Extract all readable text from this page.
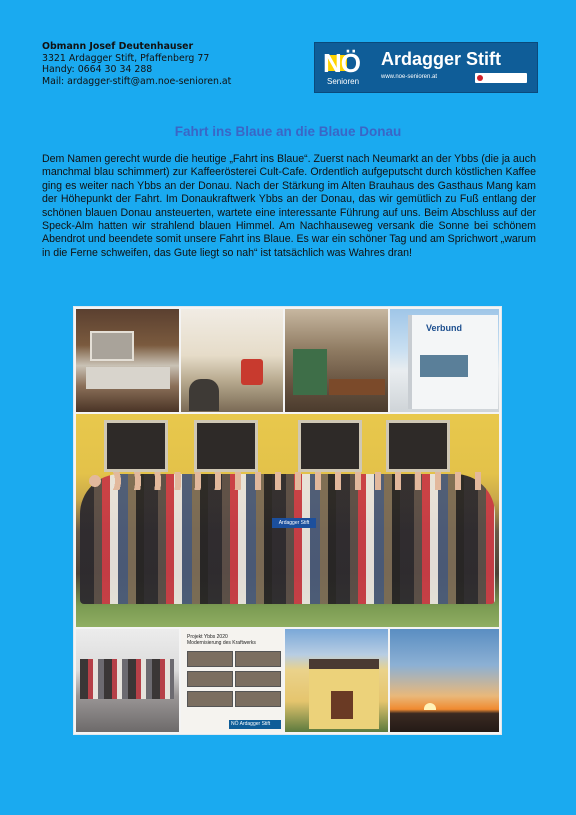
Obmann Josef Deutenhauser
3321 Ardagger Stift, Pfaffenberg 77
Handy: 0664 30 34 288
Mail: ardagger-stift@am.noe-senioren.at
NÖ
Senioren
Ardagger Stift
www.noe-senioren.at
Fahrt ins Blaue an die Blaue Donau
Dem Namen gerecht wurde die heutige „Fahrt ins Blaue“. Zuerst nach Neumarkt an der Ybbs (die ja auch manchmal blau schimmert) zur Kaffeerösterei Cult-Cafe. Ordentlich aufgeputscht durch köstlichen Kaffee ging es weiter nach Ybbs an der Donau. Nach der Stärkung im Alten Brauhaus des Gasthaus Mang kam der Höhepunkt der Fahrt. Im Donaukraftwerk Ybbs an der Donau, das wir gemütlich zu Fuß entlang der schönen blauen Donau ansteuerten, wartete eine interessante Führung auf uns. Beim Abschluss auf der Speck-Alm hatten wir strahlend blauen Himmel. Am Nachhauseweg versank die Sonne bei schönem Abendrot und beendete somit unsere Fahrt ins Blaue. Es war ein schöner Tag und am Sprichwort „warum in die Ferne schweifen, das Gute liegt so nah“ ist tatsächlich was Wahres dran!
Verbund
Ardagger Stift
Projekt Ybbs 2020
Modernisierung des Kraftwerks
NÖ Ardagger Stift
